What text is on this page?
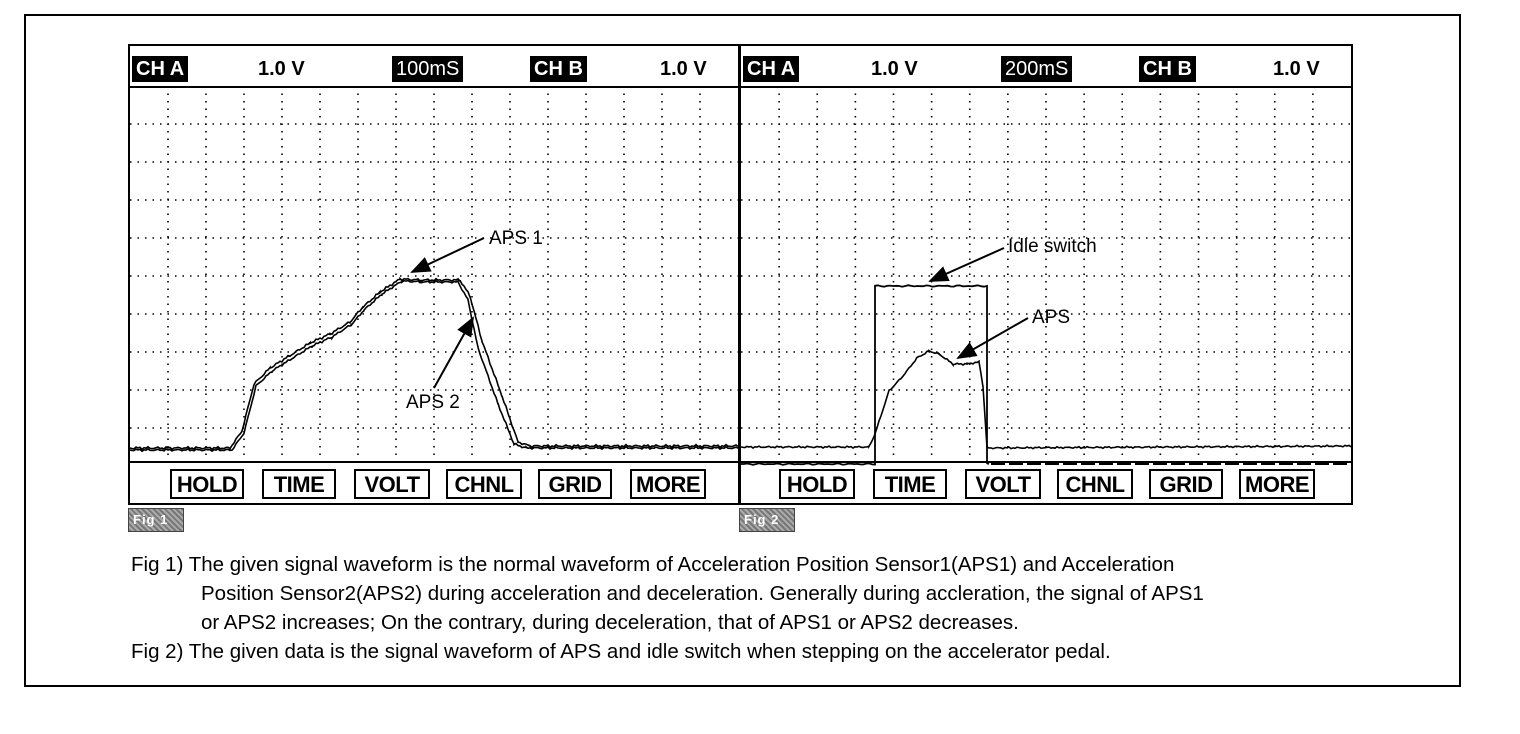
CH A	1.0 V	100mS	CH B	1.0 V
HOLD	TIME	VOLT	CHNL	GRID	MORE
CH A	1.0 V	200mS	CH B	1.0 V
HOLD	TIME	VOLT	CHNL	GRID	MORE
Fig 1	Fig 2
APS 1
APS 2
Idle switch
APS
Fig 1) The given signal waveform is the normal waveform of Acceleration Position Sensor1(APS1) and Acceleration
Position Sensor2(APS2) during acceleration and deceleration. Generally during accleration, the signal of APS1
or APS2 increases; On the contrary, during deceleration, that of APS1 or APS2 decreases.
Fig 2) The given data is the signal waveform of APS and idle switch when stepping on the accelerator pedal.
